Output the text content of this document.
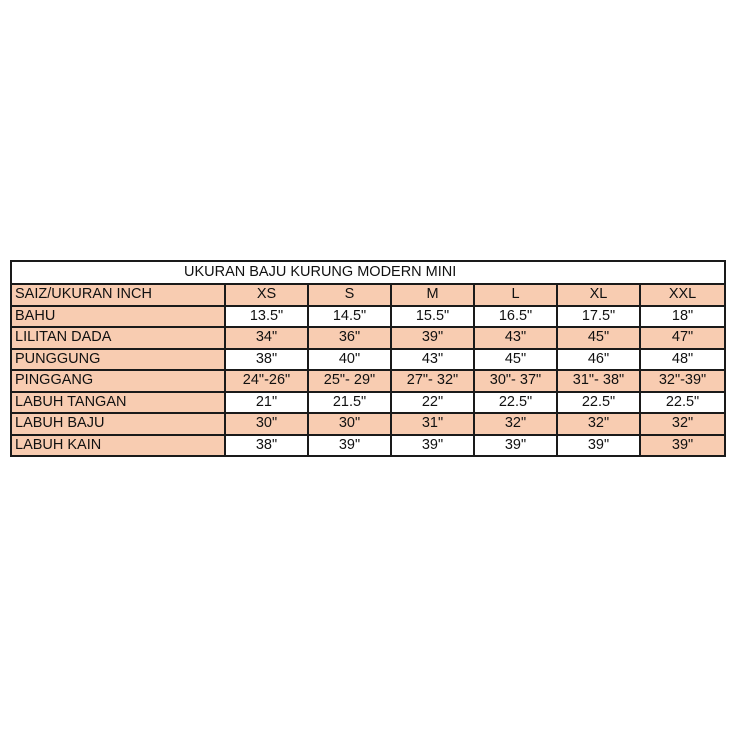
UKURAN BAJU KURUNG MODERN MINI						
SAIZ/UKURAN INCH	XS	S	M	L	XL	XXL
BAHU	13.5"	14.5"	15.5"	16.5"	17.5"	18"
LILITAN DADA	34"	36"	39"	43"	45"	47"
PUNGGUNG	38"	40"	43"	45"	46"	48"
PINGGANG	24"-26"	25"- 29"	27"- 32"	30"- 37"	31"- 38"	32"-39"
LABUH TANGAN	21"	21.5"	22"	22.5"	22.5"	22.5"
LABUH BAJU	30"	30"	31"	32"	32"	32"
LABUH KAIN	38"	39"	39"	39"	39"	39"
